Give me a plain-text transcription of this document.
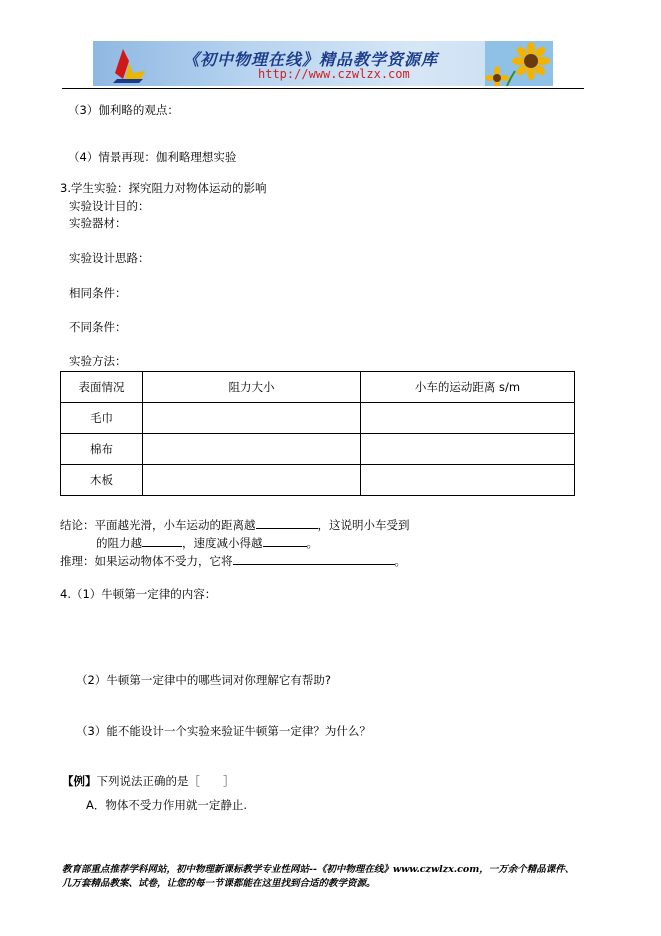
《初中物理在线》精品教学资源库
http://www.czwlzx.com
（3）伽利略的观点：
（4）情景再现：伽利略理想实验
3.学生实验：探究阻力对物体运动的影响
实验设计目的：
实验器材：
实验设计思路：
相同条件：
不同条件：
实验方法：
表面情况	阻力大小	小车的运动距离 s/m
毛巾		
棉布		
木板		
结论：平面越光滑，小车运动的距离越	，这说明小车受到
的阻力越	，速度减小得越	。
推理：如果运动物体不受力，它将	。
4.（1）牛顿第一定律的内容：
（2）牛顿第一定律中的哪些词对你理解它有帮助?
（3）能不能设计一个实验来验证牛顿第一定律？为什么？
【例】下列说法正确的是［　　］
A．物体不受力作用就一定静止.
教育部重点推荐学科网站，初中物理新课标教学专业性网站--《初中物理在线》www.czwlzx.com，一万余个精品课件、
几万套精品教案、试卷，让您的每一节课都能在这里找到合适的教学资源。
